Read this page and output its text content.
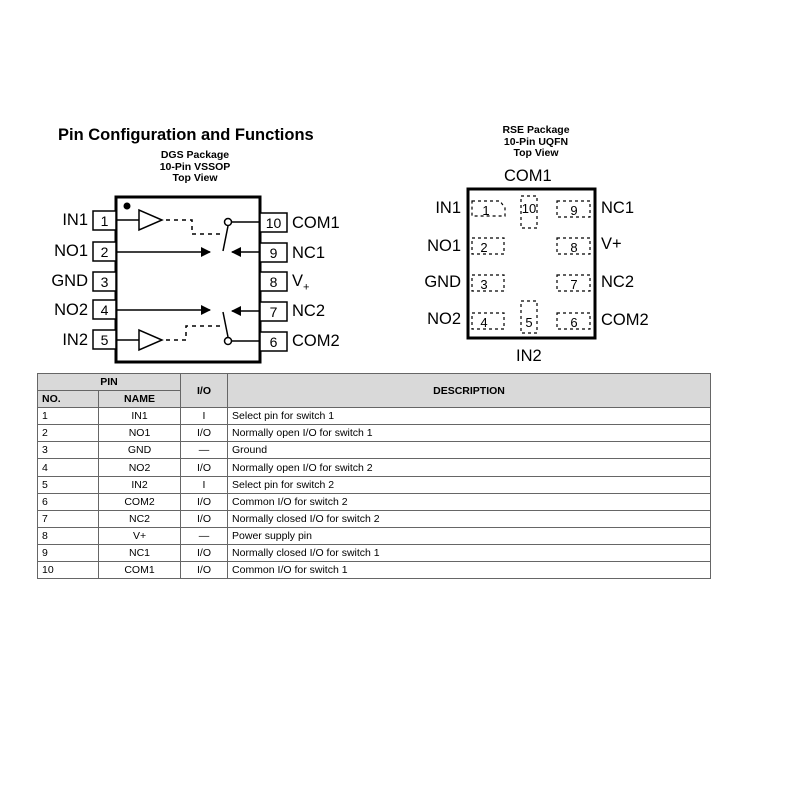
Pin Configuration and Functions
DGS Package
10-Pin VSSOP
Top View
IN1
NO1
GND
NO2
IN2
COM1
NC1
$V_+$
NC2
COM2
1
2
3
4
5
10
9
8
7
6
RSE Package
10-Pin UQFN
Top View
COM1
IN2
IN1
NO1
GND
NO2
NC1
V+
NC2
COM2
1
2
3
4	5	6
7
8
9
10
PIN		I/O	DESCRIPTION
NO.	NAME		
1	IN1	I	Select pin for switch 1
2	NO1	I/O	Normally open I/O for switch 1
3	GND	—	Ground
4	NO2	I/O	Normally open I/O for switch 2
5	IN2	I	Select pin for switch 2
6	COM2	I/O	Common I/O for switch 2
7	NC2	I/O	Normally closed I/O for switch 2
8	V+	—	Power supply pin
9	NC1	I/O	Normally closed I/O for switch 1
10	COM1	I/O	Common I/O for switch 1
